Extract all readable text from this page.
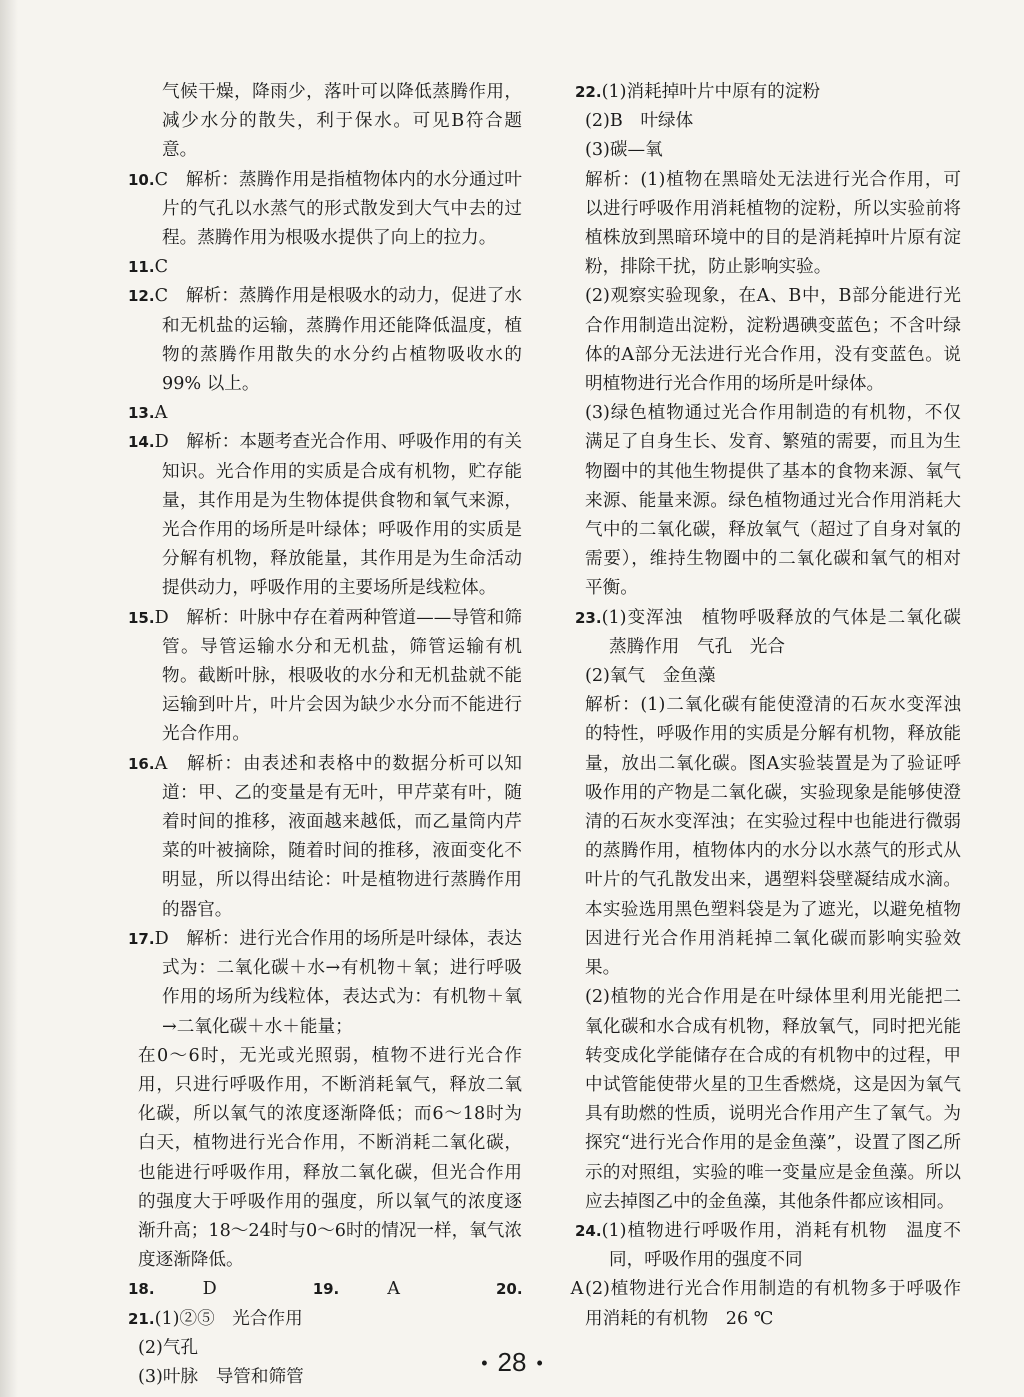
气候干燥，降雨少，落叶可以降低蒸腾作用，减少水分的散失，利于保水。可见B符合题意。

10.C　解析：蒸腾作用是指植物体内的水分通过叶片的气孔以水蒸气的形式散发到大气中去的过程。蒸腾作用为根吸水提供了向上的拉力。

11.C

12.C　解析：蒸腾作用是根吸水的动力，促进了水和无机盐的运输，蒸腾作用还能降低温度，植物的蒸腾作用散失的水分约占植物吸收水的 99% 以上。

13.A

14.D　解析：本题考查光合作用、呼吸作用的有关知识。光合作用的实质是合成有机物，贮存能量，其作用是为生物体提供食物和氧气来源，光合作用的场所是叶绿体；呼吸作用的实质是分解有机物，释放能量，其作用是为生命活动提供动力，呼吸作用的主要场所是线粒体。

15.D　解析：叶脉中存在着两种管道——导管和筛管。导管运输水分和无机盐，筛管运输有机物。截断叶脉，根吸收的水分和无机盐就不能运输到叶片，叶片会因为缺少水分而不能进行光合作用。

16.A　解析：由表述和表格中的数据分析可以知道：甲、乙的变量是有无叶，甲芹菜有叶，随着时间的推移，液面越来越低，而乙量筒内芹菜的叶被摘除，随着时间的推移，液面变化不明显，所以得出结论：叶是植物进行蒸腾作用的器官。

17.D　解析：进行光合作用的场所是叶绿体，表达式为：二氧化碳＋水→有机物＋氧；进行呼吸作用的场所为线粒体，表达式为：有机物＋氧→二氧化碳＋水＋能量；

在0～6时，无光或光照弱，植物不进行光合作用，只进行呼吸作用，不断消耗氧气，释放二氧化碳，所以氧气的浓度逐渐降低；而6～18时为白天，植物进行光合作用，不断消耗二氧化碳，也能进行呼吸作用，释放二氧化碳，但光合作用的强度大于呼吸作用的强度，所以氧气的浓度逐渐升高；18～24时与0～6时的情况一样，氧气浓度逐渐降低。

18.	D	19.	A	20.	A

21.(1)②⑤　光合作用

(2)气孔

(3)叶脉　导管和筛管

22.(1)消耗掉叶片中原有的淀粉

(2)B　叶绿体

(3)碳—氧

解析：(1)植物在黑暗处无法进行光合作用，可以进行呼吸作用消耗植物的淀粉，所以实验前将植株放到黑暗环境中的目的是消耗掉叶片原有淀粉，排除干扰，防止影响实验。

(2)观察实验现象，在A、B中，B部分能进行光合作用制造出淀粉，淀粉遇碘变蓝色；不含叶绿体的A部分无法进行光合作用，没有变蓝色。说明植物进行光合作用的场所是叶绿体。

(3)绿色植物通过光合作用制造的有机物，不仅满足了自身生长、发育、繁殖的需要，而且为生物圈中的其他生物提供了基本的食物来源、氧气来源、能量来源。绿色植物通过光合作用消耗大气中的二氧化碳，释放氧气（超过了自身对氧的需要），维持生物圈中的二氧化碳和氧气的相对平衡。

23.(1)变浑浊　植物呼吸释放的气体是二氧化碳　蒸腾作用　气孔　光合

(2)氧气　金鱼藻

解析：(1)二氧化碳有能使澄清的石灰水变浑浊的特性，呼吸作用的实质是分解有机物，释放能量，放出二氧化碳。图A实验装置是为了验证呼吸作用的产物是二氧化碳，实验现象是能够使澄清的石灰水变浑浊；在实验过程中也能进行微弱的蒸腾作用，植物体内的水分以水蒸气的形式从叶片的气孔散发出来，遇塑料袋壁凝结成水滴。本实验选用黑色塑料袋是为了遮光，以避免植物因进行光合作用消耗掉二氧化碳而影响实验效果。

(2)植物的光合作用是在叶绿体里利用光能把二氧化碳和水合成有机物，释放氧气，同时把光能转变成化学能储存在合成的有机物中的过程，甲中试管能使带火星的卫生香燃烧，这是因为氧气具有助燃的性质，说明光合作用产生了氧气。为探究“进行光合作用的是金鱼藻”，设置了图乙所示的对照组，实验的唯一变量应是金鱼藻。所以应去掉图乙中的金鱼藻，其他条件都应该相同。

24.(1)植物进行呼吸作用，消耗有机物　温度不同，呼吸作用的强度不同

(2)植物进行光合作用制造的有机物多于呼吸作用消耗的有机物　26 ℃

• 28 •
